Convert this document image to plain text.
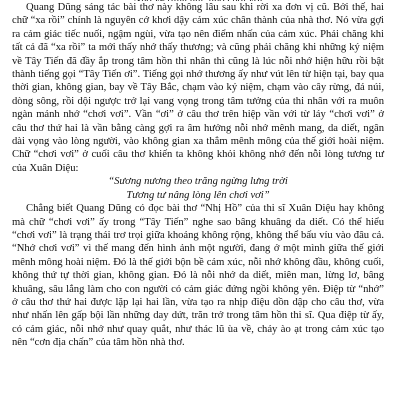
Quang Dũng sáng tác bài thơ này không lâu sau khi rời xa đơn vị cũ. Bởi thế, hai chữ “xa rồi” chính là nguyên cớ khơi dậy cảm xúc chân thành của nhà thơ. Nó vừa gợi ra cảm giác tiếc nuối, ngậm ngùi, vừa tạo nên điểm nhấn của cảm xúc. Phải chăng khi tất cả đã “xa rồi” ta mới thấy nhớ thấy thương; và cũng phải chăng khi những ký niệm về Tây Tiến đã đầy ắp trong tâm hồn thi nhân thì cũng là lúc nỗi nhớ hiện hữu rồi bật thành tiếng gọi “Tây Tiến ơi”. Tiếng gọi nhớ thương ấy như vút lên từ hiện tại, bay qua thời gian, không gian, bay về Tây Bắc, chạm vào ký niệm, chạm vào cây rừng, đá núi, dòng sông, rồi dội ngược trở lại vang vọng trong tâm tưởng của thi nhân với ra muôn ngàn mảnh nhớ “chơi vơi”. Vần “ơi” ở câu thơ trên hiệp vần với từ láy “chơi vơi” ở câu thơ thứ hai là vần bằng càng gợi ra âm hưởng nỗi nhớ mênh mang, da diết, ngân dài vọng vào lòng người, vào không gian xa thẳm mênh mông của thế giới hoài niệm. Chữ “chơi vơi” ở cuối câu thơ khiến ta không khỏi không nhớ đến nỗi lòng tương tư của Xuân Diệu:

“Sương nương theo trăng ngừng lưng trời
Tương tư nâng lòng lên chơi vơi”

Chẳng biết Quang Dũng có đọc bài thơ “Nhị Hồ” của thi sĩ Xuân Diệu hay không mà chữ “chơi vơi” ấy trong “Tây Tiến” nghe sao bâng khuâng da diết. Có thể hiểu “chơi vơi” là trạng thái trơ trọi giữa khoảng không rộng, không thể bấu víu vào đâu cả. “Nhớ chơi vơi” vì thế mang đến hình ảnh một người, đang ở một mình giữa thế giới mênh mông hoài niệm. Đó là thế giới bộn bề cảm xúc, nỗi nhớ không đầu, không cuối, không thứ tự thời gian, không gian. Đó là nỗi nhớ da diết, miên man, lừng lơ, bâng khuâng, sâu lắng làm cho con người có cảm giác đứng ngồi không yên. Điệp từ “nhớ” ở câu thơ thứ hai được lặp lại hai lần, vừa tạo ra nhịp điệu dồn dập cho câu thơ, vừa như nhấn lên gấp bội lần những day dứt, trăn trở trong tâm hồn thi sĩ. Qua điệp từ ấy, có cảm giác, nỗi nhớ như quay quắt, như thác lũ ùa về, chảy ào ạt trong cảm xúc tạo nên “cơn địa chấn” của tâm hồn nhà thơ.
